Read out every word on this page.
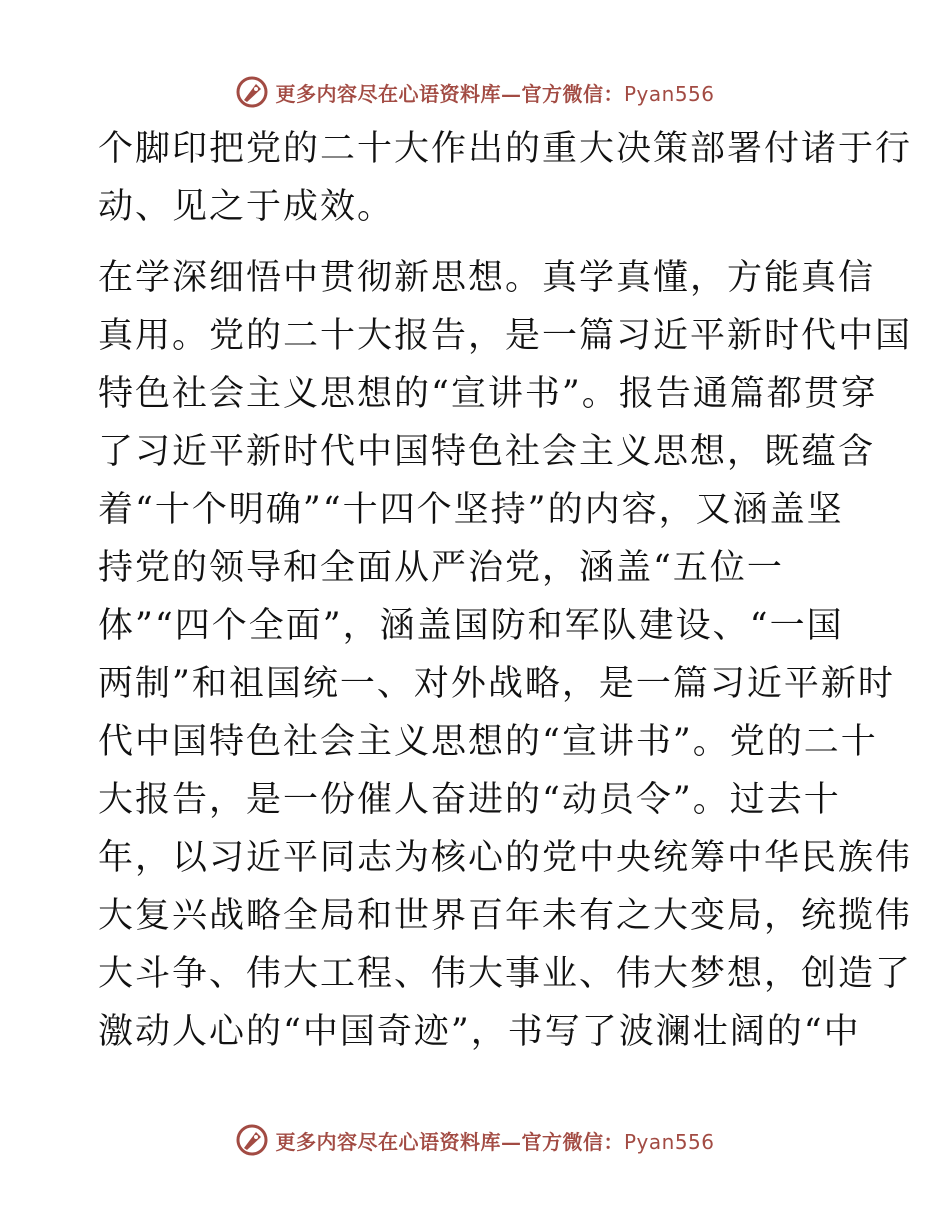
更多内容尽在心语资料库—官方微信：Pyan556
个脚印把党的二十大作出的重大决策部署付诸于行
动、见之于成效。
在学深细悟中贯彻新思想。真学真懂，方能真信
真用。党的二十大报告，是一篇习近平新时代中国
特色社会主义思想的“宣讲书”。报告通篇都贯穿
了习近平新时代中国特色社会主义思想，既蕴含
着“十个明确”“十四个坚持”的内容，又涵盖坚
持党的领导和全面从严治党，涵盖“五位一
体”“四个全面”，涵盖国防和军队建设、“一国
两制”和祖国统一、对外战略，是一篇习近平新时
代中国特色社会主义思想的“宣讲书”。党的二十
大报告，是一份催人奋进的“动员令”。过去十
年，以习近平同志为核心的党中央统筹中华民族伟
大复兴战略全局和世界百年未有之大变局，统揽伟
大斗争、伟大工程、伟大事业、伟大梦想，创造了
激动人心的“中国奇迹”，书写了波澜壮阔的“中
更多内容尽在心语资料库—官方微信：Pyan556
